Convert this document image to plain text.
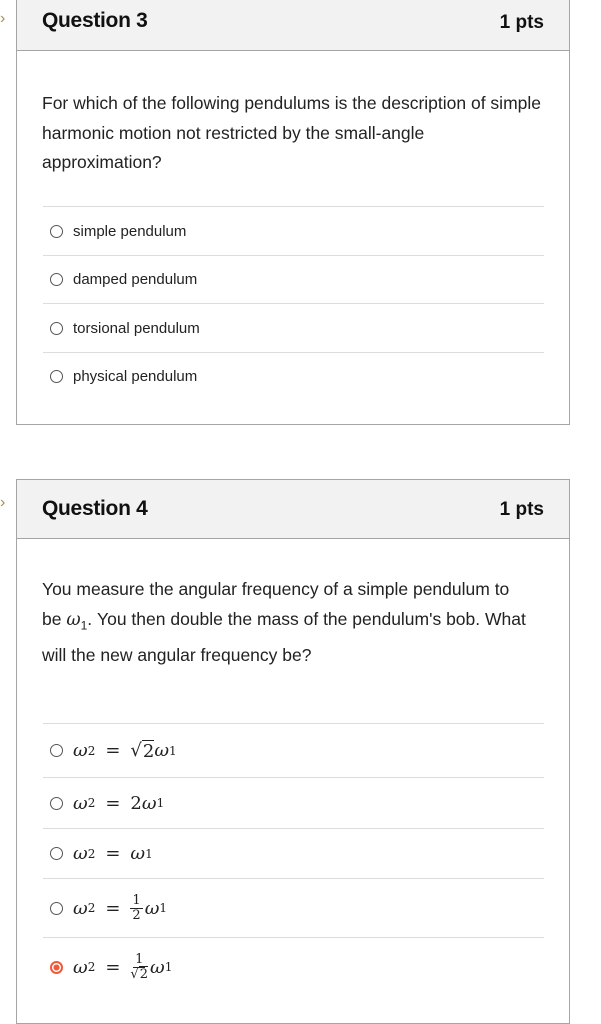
› Question 3	1 pts
For which of the following pendulums is the description of simple harmonic motion not restricted by the small-angle approximation?
simple pendulum
damped pendulum
torsional pendulum
physical pendulum
› Question 4	1 pts
You measure the angular frequency of a simple pendulum to be $\omega_1$. You then double the mass of the pendulum's bob. What will the new angular frequency be?
ω 2 = √ 2 ω 1
ω 2 = 2 ω 1
ω 2 = ω 1
ω $2 = \frac{1}{2}$ ω 1
ω $2 = \frac{1}{√2}$ ω 1
